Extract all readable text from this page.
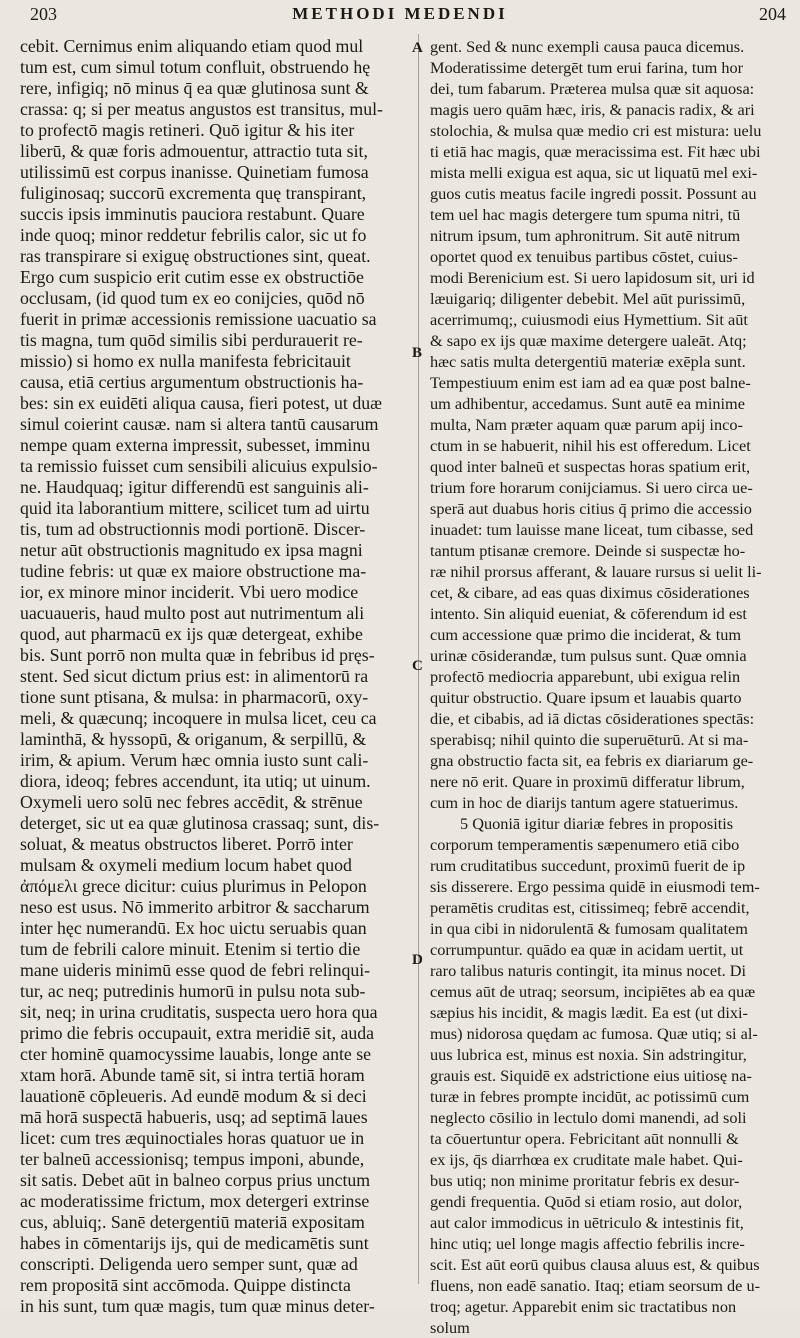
203	METHODI MEDENDI	204
cebit. Cernimus enim aliquando etiam quod mul
tum est, cum simul totum confluit, obstruendo hę
rere, infigiq; nō minus q̄ ea quæ glutinosa sunt &
crassa: q; si per meatus angustos est transitus, mul-
to profectō magis retineri. Quō igitur & his iter
liberū, & quæ foris admouentur, attractio tuta sit,
utilissimū est corpus inanisse. Quinetiam fumosa
fuliginosaq; succorū excrementa quę transpirant,
succis ipsis imminutis pauciora restabunt. Quare
inde quoq; minor reddetur febrilis calor, sic ut fo
ras transpirare si exiguę obstructiones sint, queat.
Ergo cum suspicio erit cutim esse ex obstructiōe
occlusam, (id quod tum ex eo conijcies, quōd nō
fuerit in primæ accessionis remissione uacuatio sa
tis magna, tum quōd similis sibi perdurauerit re-
missio) si homo ex nulla manifesta febricitauit
causa, etiā certius argumentum obstructionis ha-
bes: sin ex euidēti aliqua causa, fieri potest, ut duæ
simul coierint causæ. nam si altera tantū causarum
nempe quam externa impressit, subesset, imminu
ta remissio fuisset cum sensibili alicuius expulsio-
ne. Haudquaq; igitur differendū est sanguinis ali-
quid ita laborantium mittere, scilicet tum ad uirtu
tis, tum ad obstructionnis modi portionē. Discer-
netur aūt obstructionis magnitudo ex ipsa magni
tudine febris: ut quæ ex maiore obstructione ma-
ior, ex minore minor inciderit. Vbi uero modice
uacuaueris, haud multo post aut nutrimentum ali
quod, aut pharmacū ex ijs quæ detergeat, exhibe
bis. Sunt porrō non multa quæ in febribus id pręs-
stent. Sed sicut dictum prius est: in alimentorū ra
tione sunt ptisana, & mulsa: in pharmacorū, oxy-
meli, & quæcunq; incoquere in mulsa licet, ceu ca
laminthā, & hyssopū, & origanum, & serpillū, &
irim, & apium. Verum hæc omnia iusto sunt cali-
diora, ideoq; febres accendunt, ita utiq; ut uinum.
Oxymeli uero solū nec febres accēdit, & strēnue
deterget, sic ut ea quæ glutinosa crassaq; sunt, dis-
soluat, & meatus obstructos liberet. Porrō inter
mulsam & oxymeli medium locum habet quod
ἀπόμελι grece dicitur: cuius plurimus in Pelopon
neso est usus. Nō immerito arbitror & saccharum
inter hęc numerandū. Ex hoc uictu seruabis quan
tum de febrili calore minuit. Etenim si tertio die
mane uideris minimū esse quod de febri relinqui-
tur, ac neq; putredinis humorū in pulsu nota sub-
sit, neq; in urina cruditatis, suspecta uero hora qua
primo die febris occupauit, extra meridiē sit, auda
cter hominē quamocyssime lauabis, longe ante se
xtam horā. Abunde tamē sit, si intra tertiā horam
lauationē cōpleueris. Ad eundē modum & si deci
mā horā suspectā habueris, usq; ad septimā laues
licet: cum tres æquinoctiales horas quatuor ue in
ter balneū accessionisq; tempus imponi, abunde,
sit satis. Debet aūt in balneo corpus prius unctum
ac moderatissime frictum, mox detergeri extrinse
cus, abluiq;. Sanē detergentiū materiā expositam
habes in cōmentarijs ijs, qui de medicamētis sunt
conscripti. Deligenda uero semper sunt, quæ ad
rem propositā sint accōmoda. Quippe distincta
in his sunt, tum quæ magis, tum quæ minus deter-
gent. Sed & nunc exempli causa pauca dicemus.
Moderatissime detergēt tum erui farina, tum hor
dei, tum fabarum. Præterea mulsa quæ sit aquosa:
magis uero quām hæc, iris, & panacis radix, & ari
stolochia, & mulsa quæ medio cri est mistura: uelu
ti etiā hac magis, quæ meracissima est. Fit hæc ubi
mista melli exigua est aqua, sic ut liquatū mel exi-
guos cutis meatus facile ingredi possit. Possunt au
tem uel hac magis detergere tum spuma nitri, tū
nitrum ipsum, tum aphronitrum. Sit autē nitrum
oportet quod ex tenuibus partibus cōstet, cuius-
modi Berenicium est. Si uero lapidosum sit, uri id
læuigariq; diligenter debebit. Mel aūt purissimū,
acerrimumq;, cuiusmodi eius Hymettium. Sit aūt
& sapo ex ijs quæ maxime detergere ualeāt. Atq;
hæc satis multa detergentiū materiæ exēpla sunt.
Tempestiuum enim est iam ad ea quæ post balne-
um adhibentur, accedamus. Sunt autē ea minime
multa, Nam præter aquam quæ parum apij inco-
ctum in se habuerit, nihil his est offeredum. Licet
quod inter balneū et suspectas horas spatium erit,
trium fore horarum conijciamus. Si uero circa ue-
sperā aut duabus horis citius q̄ primo die accessio
inuadet: tum lauisse mane liceat, tum cibasse, sed
tantum ptisanæ cremore. Deinde si suspectæ ho-
ræ nihil prorsus afferant, & lauare rursus si uelit li-
cet, & cibare, ad eas quas diximus cōsiderationes
intento. Sin aliquid eueniat, & cōferendum id est
cum accessione quæ primo die inciderat, & tum
urinæ cōsiderandæ, tum pulsus sunt. Quæ omnia
profectō mediocria apparebunt, ubi exigua relin
quitur obstructio. Quare ipsum et lauabis quarto
die, et cibabis, ad iā dictas cōsiderationes spectās:
sperabisq; nihil quinto die superuēturū. At si ma-
gna obstructio facta sit, ea febris ex diariarum ge-
nere nō erit. Quare in proximū differatur librum,
cum in hoc de diarijs tantum agere statuerimus.
5 Quoniā igitur diariæ febres in propositis
corporum temperamentis sæpenumero etiā cibo
rum cruditatibus succedunt, proximū fuerit de ip
sis disserere. Ergo pessima quidē in eiusmodi tem-
peramētis cruditas est, citissimeq; febrē accendit,
in qua cibi in nidorulentā & fumosam qualitatem
corrumpuntur. quādo ea quæ in acidam uertit, ut
raro talibus naturis contingit, ita minus nocet. Di
cemus aūt de utraq; seorsum, incipiētes ab ea quæ
sæpius his incidit, & magis lædit. Ea est (ut dixi-
mus) nidorosa quędam ac fumosa. Quæ utiq; si al-
uus lubrica est, minus est noxia. Sin adstringitur,
grauis est. Siquidē ex adstrictione eius uitiosę na-
turæ in febres prompte incidūt, ac potissimū cum
neglecto cōsilio in lectulo domi manendi, ad soli
ta cōuertuntur opera. Febricitant aūt nonnulli &
ex ijs, q̄s diarrhœa ex cruditate male habet. Qui-
bus utiq; non minime proritatur febris ex desur-
gendi frequentia. Quōd si etiam rosio, aut dolor,
aut calor immodicus in uētriculo & intestinis fit,
hinc utiq; uel longe magis affectio febrilis incre-
scit. Est aūt eorū quibus clausa aluus est, & quibus
fluens, non eadē sanatio. Itaq; etiam seorsum de u-
troq; agetur. Apparebit enim sic tractatibus non
solum
A
B
C
D
